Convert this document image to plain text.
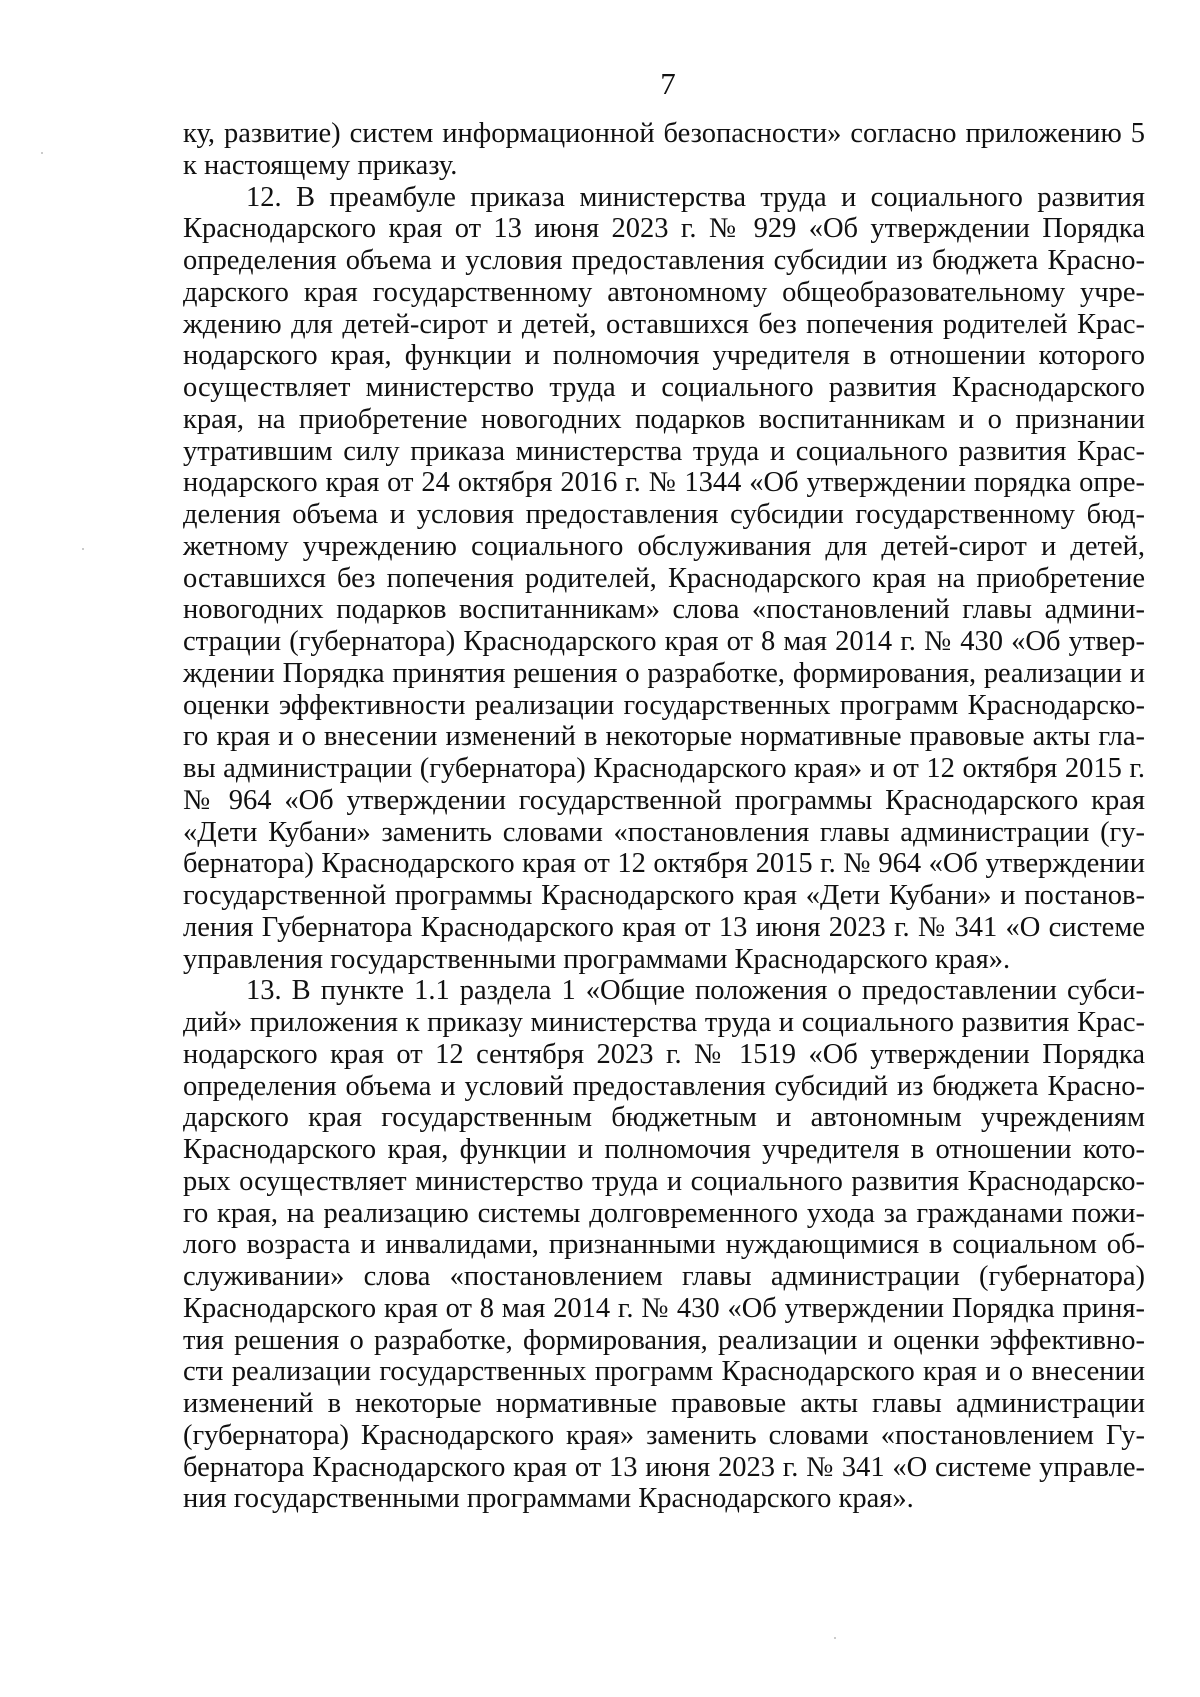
7
ку, развитие) систем информационной безопасности» согласно приложению 5
к настоящему приказу.
12. В преамбуле приказа министерства труда и социального развития
Краснодарского края от 13 июня 2023 г. № 929 «Об утверждении Порядка
определения объема и условия предоставления субсидии из бюджета Красно-
дарского края государственному автономному общеобразовательному учре-
ждению для детей-сирот и детей, оставшихся без попечения родителей Крас-
нодарского края, функции и полномочия учредителя в отношении которого
осуществляет министерство труда и социального развития Краснодарского
края, на приобретение новогодних подарков воспитанникам и о признании
утратившим силу приказа министерства труда и социального развития Крас-
нодарского края от 24 октября 2016 г. № 1344 «Об утверждении порядка опре-
деления объема и условия предоставления субсидии государственному бюд-
жетному учреждению социального обслуживания для детей-сирот и детей,
оставшихся без попечения родителей, Краснодарского края на приобретение
новогодних подарков воспитанникам» слова «постановлений главы админи-
страции (губернатора) Краснодарского края от 8 мая 2014 г. № 430 «Об утвер-
ждении Порядка принятия решения о разработке, формирования, реализации и
оценки эффективности реализации государственных программ Краснодарско-
го края и о внесении изменений в некоторые нормативные правовые акты гла-
вы администрации (губернатора) Краснодарского края» и от 12 октября 2015 г.
№ 964 «Об утверждении государственной программы Краснодарского края
«Дети Кубани» заменить словами «постановления главы администрации (гу-
бернатора) Краснодарского края от 12 октября 2015 г. № 964 «Об утверждении
государственной программы Краснодарского края «Дети Кубани» и постанов-
ления Губернатора Краснодарского края от 13 июня 2023 г. № 341 «О системе
управления государственными программами Краснодарского края».
13. В пункте 1.1 раздела 1 «Общие положения о предоставлении субси-
дий» приложения к приказу министерства труда и социального развития Крас-
нодарского края от 12 сентября 2023 г. № 1519 «Об утверждении Порядка
определения объема и условий предоставления субсидий из бюджета Красно-
дарского края государственным бюджетным и автономным учреждениям
Краснодарского края, функции и полномочия учредителя в отношении кото-
рых осуществляет министерство труда и социального развития Краснодарско-
го края, на реализацию системы долговременного ухода за гражданами пожи-
лого возраста и инвалидами, признанными нуждающимися в социальном об-
служивании» слова «постановлением главы администрации (губернатора)
Краснодарского края от 8 мая 2014 г. № 430 «Об утверждении Порядка приня-
тия решения о разработке, формирования, реализации и оценки эффективно-
сти реализации государственных программ Краснодарского края и о внесении
изменений в некоторые нормативные правовые акты главы администрации
(губернатора) Краснодарского края» заменить словами «постановлением Гу-
бернатора Краснодарского края от 13 июня 2023 г. № 341 «О системе управле-
ния государственными программами Краснодарского края».
